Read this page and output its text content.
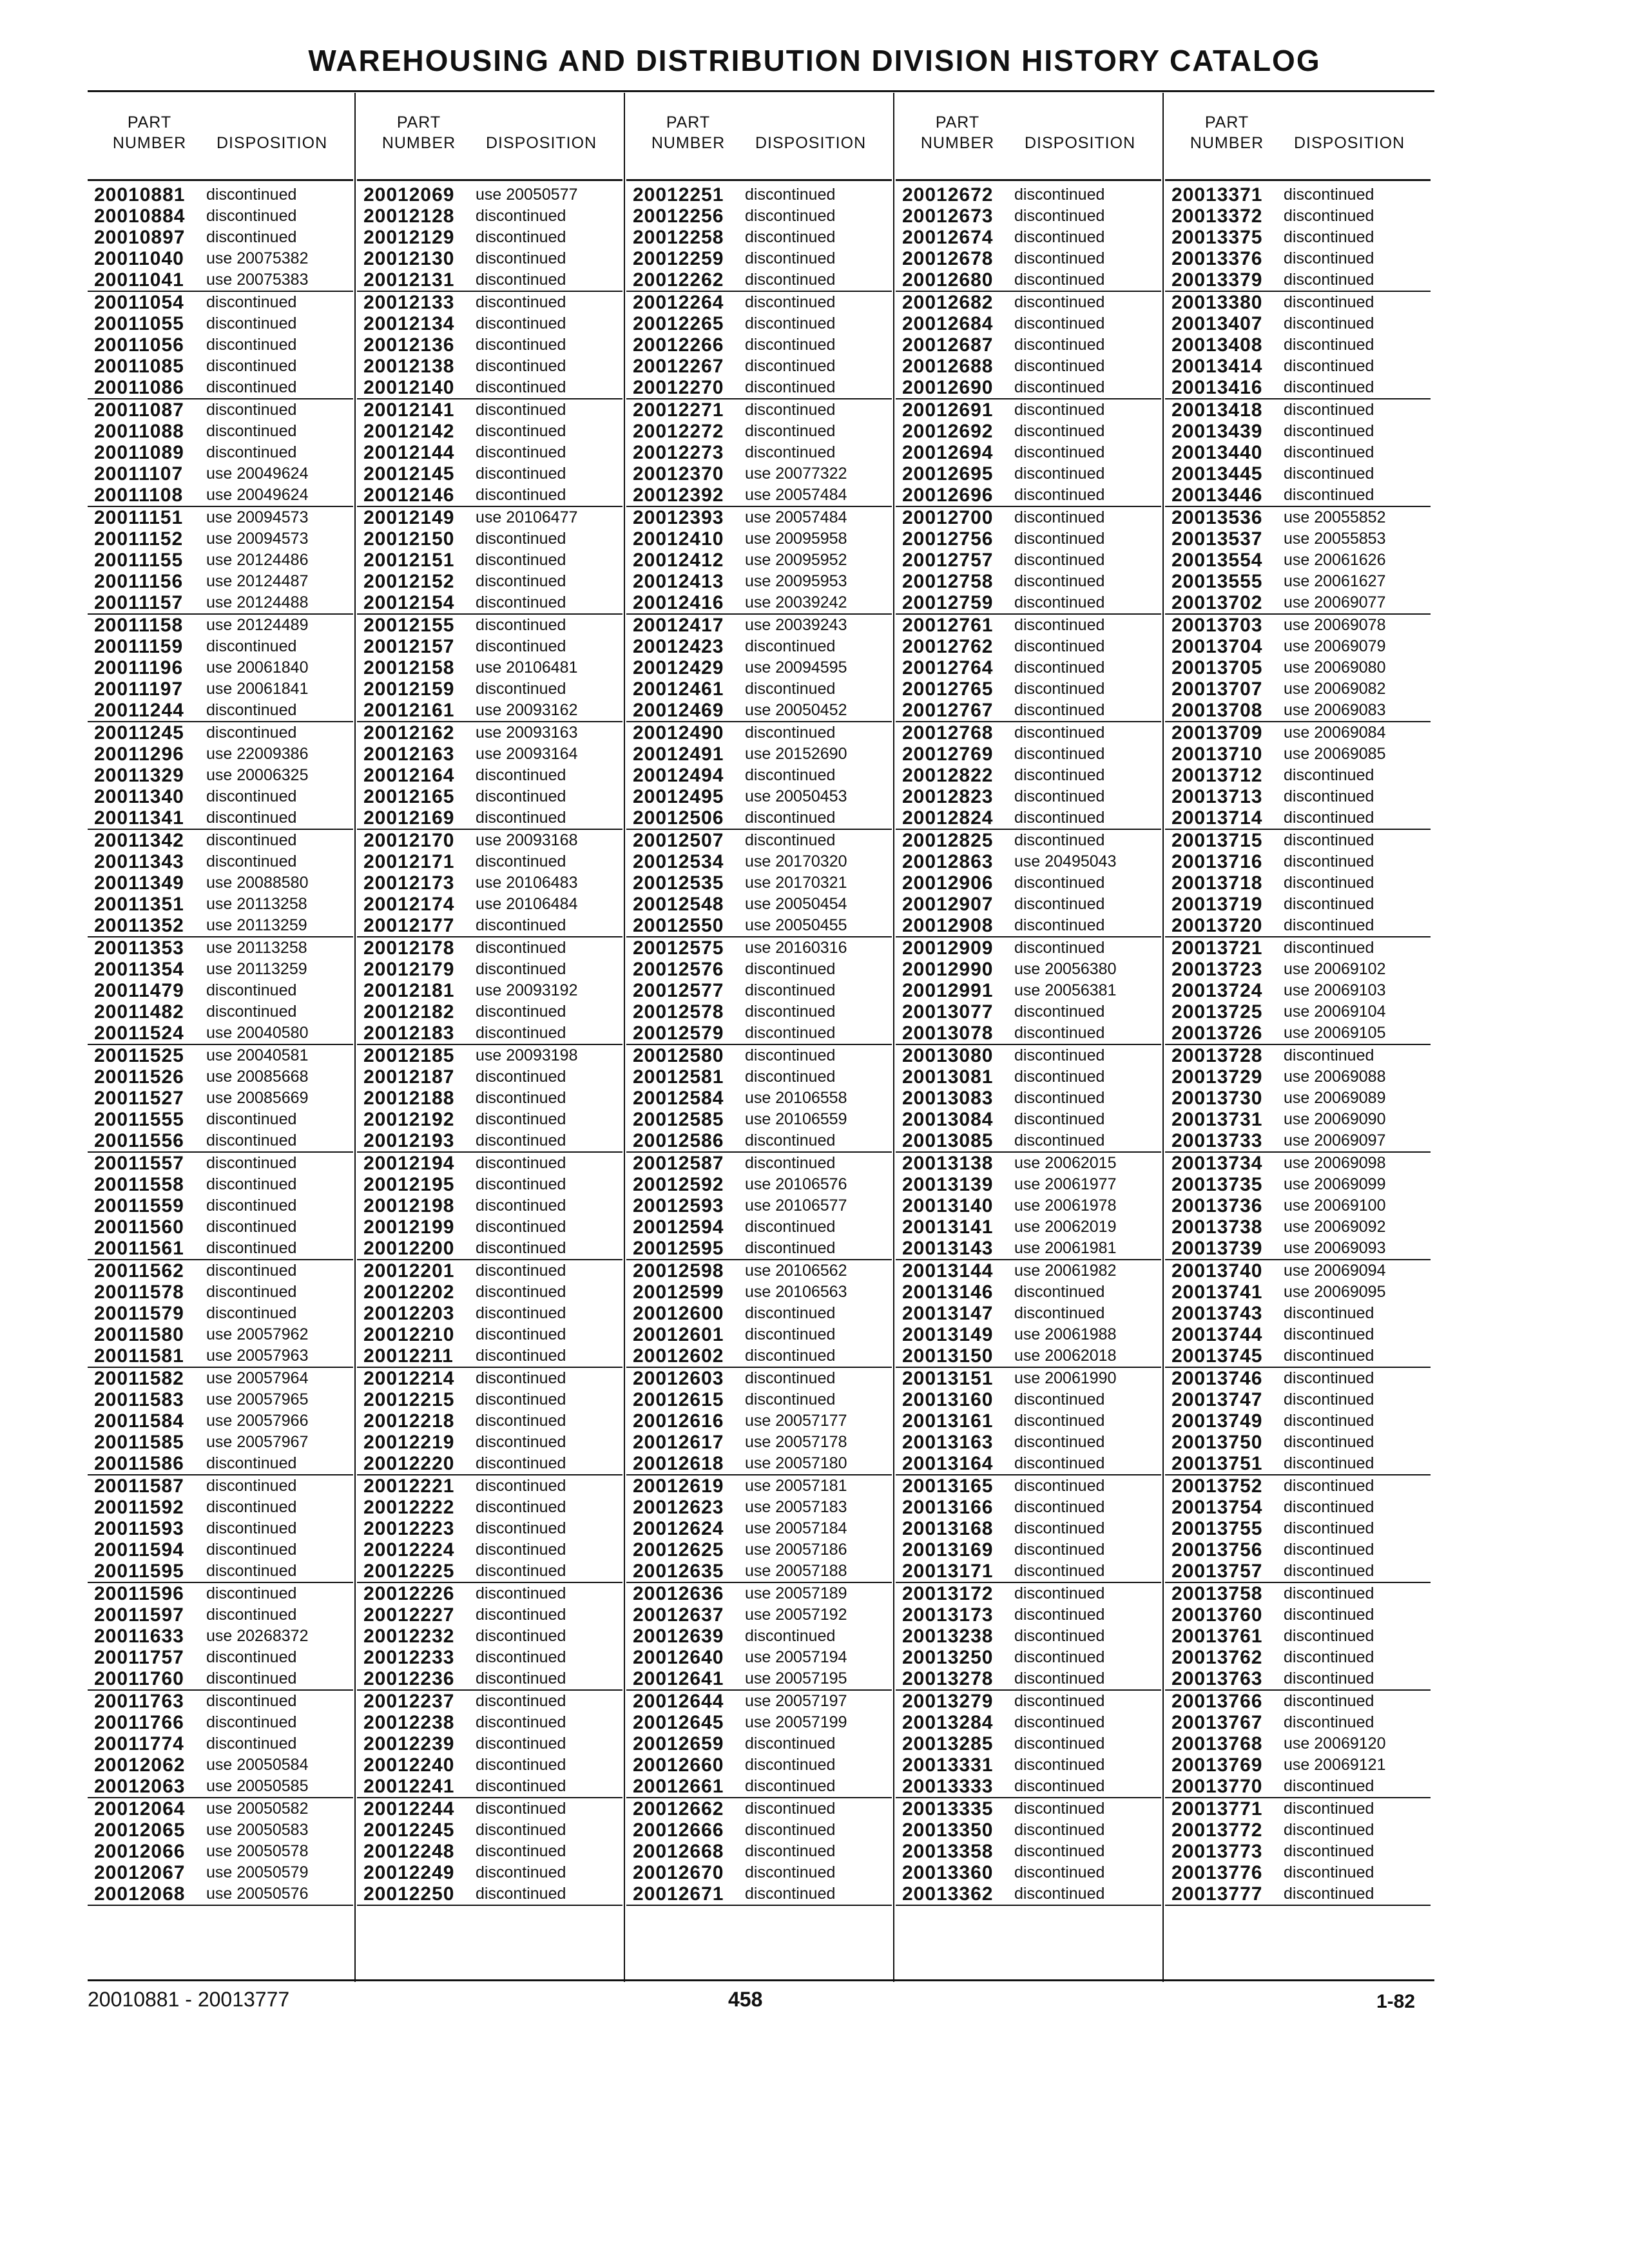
WAREHOUSING AND DISTRIBUTION DIVISION HISTORY CATALOG
PART
NUMBER DISPOSITION
20010881 discontinued
20010884 discontinued
20010897 discontinued
20011040 use 20075382
20011041 use 20075383
20011054 discontinued
20011055 discontinued
20011056 discontinued
20011085 discontinued
20011086 discontinued
20011087 discontinued
20011088 discontinued
20011089 discontinued
20011107 use 20049624
20011108 use 20049624
20011151 use 20094573
20011152 use 20094573
20011155 use 20124486
20011156 use 20124487
20011157 use 20124488
20011158 use 20124489
20011159 discontinued
20011196 use 20061840
20011197 use 20061841
20011244 discontinued
20011245 discontinued
20011296 use 22009386
20011329 use 20006325
20011340 discontinued
20011341 discontinued
20011342 discontinued
20011343 discontinued
20011349 use 20088580
20011351 use 20113258
20011352 use 20113259
20011353 use 20113258
20011354 use 20113259
20011479 discontinued
20011482 discontinued
20011524 use 20040580
20011525 use 20040581
20011526 use 20085668
20011527 use 20085669
20011555 discontinued
20011556 discontinued
20011557 discontinued
20011558 discontinued
20011559 discontinued
20011560 discontinued
20011561 discontinued
20011562 discontinued
20011578 discontinued
20011579 discontinued
20011580 use 20057962
20011581 use 20057963
20011582 use 20057964
20011583 use 20057965
20011584 use 20057966
20011585 use 20057967
20011586 discontinued
20011587 discontinued
20011592 discontinued
20011593 discontinued
20011594 discontinued
20011595 discontinued
20011596 discontinued
20011597 discontinued
20011633 use 20268372
20011757 discontinued
20011760 discontinued
20011763 discontinued
20011766 discontinued
20011774 discontinued
20012062 use 20050584
20012063 use 20050585
20012064 use 20050582
20012065 use 20050583
20012066 use 20050578
20012067 use 20050579
20012068 use 20050576
PART
NUMBER DISPOSITION
20012069 use 20050577
20012128 discontinued
20012129 discontinued
20012130 discontinued
20012131 discontinued
20012133 discontinued
20012134 discontinued
20012136 discontinued
20012138 discontinued
20012140 discontinued
20012141 discontinued
20012142 discontinued
20012144 discontinued
20012145 discontinued
20012146 discontinued
20012149 use 20106477
20012150 discontinued
20012151 discontinued
20012152 discontinued
20012154 discontinued
20012155 discontinued
20012157 discontinued
20012158 use 20106481
20012159 discontinued
20012161 use 20093162
20012162 use 20093163
20012163 use 20093164
20012164 discontinued
20012165 discontinued
20012169 discontinued
20012170 use 20093168
20012171 discontinued
20012173 use 20106483
20012174 use 20106484
20012177 discontinued
20012178 discontinued
20012179 discontinued
20012181 use 20093192
20012182 discontinued
20012183 discontinued
20012185 use 20093198
20012187 discontinued
20012188 discontinued
20012192 discontinued
20012193 discontinued
20012194 discontinued
20012195 discontinued
20012198 discontinued
20012199 discontinued
20012200 discontinued
20012201 discontinued
20012202 discontinued
20012203 discontinued
20012210 discontinued
20012211 discontinued
20012214 discontinued
20012215 discontinued
20012218 discontinued
20012219 discontinued
20012220 discontinued
20012221 discontinued
20012222 discontinued
20012223 discontinued
20012224 discontinued
20012225 discontinued
20012226 discontinued
20012227 discontinued
20012232 discontinued
20012233 discontinued
20012236 discontinued
20012237 discontinued
20012238 discontinued
20012239 discontinued
20012240 discontinued
20012241 discontinued
20012244 discontinued
20012245 discontinued
20012248 discontinued
20012249 discontinued
20012250 discontinued
PART
NUMBER DISPOSITION
20012251 discontinued
20012256 discontinued
20012258 discontinued
20012259 discontinued
20012262 discontinued
20012264 discontinued
20012265 discontinued
20012266 discontinued
20012267 discontinued
20012270 discontinued
20012271 discontinued
20012272 discontinued
20012273 discontinued
20012370 use 20077322
20012392 use 20057484
20012393 use 20057484
20012410 use 20095958
20012412 use 20095952
20012413 use 20095953
20012416 use 20039242
20012417 use 20039243
20012423 discontinued
20012429 use 20094595
20012461 discontinued
20012469 use 20050452
20012490 discontinued
20012491 use 20152690
20012494 discontinued
20012495 use 20050453
20012506 discontinued
20012507 discontinued
20012534 use 20170320
20012535 use 20170321
20012548 use 20050454
20012550 use 20050455
20012575 use 20160316
20012576 discontinued
20012577 discontinued
20012578 discontinued
20012579 discontinued
20012580 discontinued
20012581 discontinued
20012584 use 20106558
20012585 use 20106559
20012586 discontinued
20012587 discontinued
20012592 use 20106576
20012593 use 20106577
20012594 discontinued
20012595 discontinued
20012598 use 20106562
20012599 use 20106563
20012600 discontinued
20012601 discontinued
20012602 discontinued
20012603 discontinued
20012615 discontinued
20012616 use 20057177
20012617 use 20057178
20012618 use 20057180
20012619 use 20057181
20012623 use 20057183
20012624 use 20057184
20012625 use 20057186
20012635 use 20057188
20012636 use 20057189
20012637 use 20057192
20012639 discontinued
20012640 use 20057194
20012641 use 20057195
20012644 use 20057197
20012645 use 20057199
20012659 discontinued
20012660 discontinued
20012661 discontinued
20012662 discontinued
20012666 discontinued
20012668 discontinued
20012670 discontinued
20012671 discontinued
PART
NUMBER DISPOSITION
20012672 discontinued
20012673 discontinued
20012674 discontinued
20012678 discontinued
20012680 discontinued
20012682 discontinued
20012684 discontinued
20012687 discontinued
20012688 discontinued
20012690 discontinued
20012691 discontinued
20012692 discontinued
20012694 discontinued
20012695 discontinued
20012696 discontinued
20012700 discontinued
20012756 discontinued
20012757 discontinued
20012758 discontinued
20012759 discontinued
20012761 discontinued
20012762 discontinued
20012764 discontinued
20012765 discontinued
20012767 discontinued
20012768 discontinued
20012769 discontinued
20012822 discontinued
20012823 discontinued
20012824 discontinued
20012825 discontinued
20012863 use 20495043
20012906 discontinued
20012907 discontinued
20012908 discontinued
20012909 discontinued
20012990 use 20056380
20012991 use 20056381
20013077 discontinued
20013078 discontinued
20013080 discontinued
20013081 discontinued
20013083 discontinued
20013084 discontinued
20013085 discontinued
20013138 use 20062015
20013139 use 20061977
20013140 use 20061978
20013141 use 20062019
20013143 use 20061981
20013144 use 20061982
20013146 discontinued
20013147 discontinued
20013149 use 20061988
20013150 use 20062018
20013151 use 20061990
20013160 discontinued
20013161 discontinued
20013163 discontinued
20013164 discontinued
20013165 discontinued
20013166 discontinued
20013168 discontinued
20013169 discontinued
20013171 discontinued
20013172 discontinued
20013173 discontinued
20013238 discontinued
20013250 discontinued
20013278 discontinued
20013279 discontinued
20013284 discontinued
20013285 discontinued
20013331 discontinued
20013333 discontinued
20013335 discontinued
20013350 discontinued
20013358 discontinued
20013360 discontinued
20013362 discontinued
PART
NUMBER DISPOSITION
20013371 discontinued
20013372 discontinued
20013375 discontinued
20013376 discontinued
20013379 discontinued
20013380 discontinued
20013407 discontinued
20013408 discontinued
20013414 discontinued
20013416 discontinued
20013418 discontinued
20013439 discontinued
20013440 discontinued
20013445 discontinued
20013446 discontinued
20013536 use 20055852
20013537 use 20055853
20013554 use 20061626
20013555 use 20061627
20013702 use 20069077
20013703 use 20069078
20013704 use 20069079
20013705 use 20069080
20013707 use 20069082
20013708 use 20069083
20013709 use 20069084
20013710 use 20069085
20013712 discontinued
20013713 discontinued
20013714 discontinued
20013715 discontinued
20013716 discontinued
20013718 discontinued
20013719 discontinued
20013720 discontinued
20013721 discontinued
20013723 use 20069102
20013724 use 20069103
20013725 use 20069104
20013726 use 20069105
20013728 discontinued
20013729 use 20069088
20013730 use 20069089
20013731 use 20069090
20013733 use 20069097
20013734 use 20069098
20013735 use 20069099
20013736 use 20069100
20013738 use 20069092
20013739 use 20069093
20013740 use 20069094
20013741 use 20069095
20013743 discontinued
20013744 discontinued
20013745 discontinued
20013746 discontinued
20013747 discontinued
20013749 discontinued
20013750 discontinued
20013751 discontinued
20013752 discontinued
20013754 discontinued
20013755 discontinued
20013756 discontinued
20013757 discontinued
20013758 discontinued
20013760 discontinued
20013761 discontinued
20013762 discontinued
20013763 discontinued
20013766 discontinued
20013767 discontinued
20013768 use 20069120
20013769 use 20069121
20013770 discontinued
20013771 discontinued
20013772 discontinued
20013773 discontinued
20013776 discontinued
20013777 discontinued
20010881 - 20013777	458	1-82
